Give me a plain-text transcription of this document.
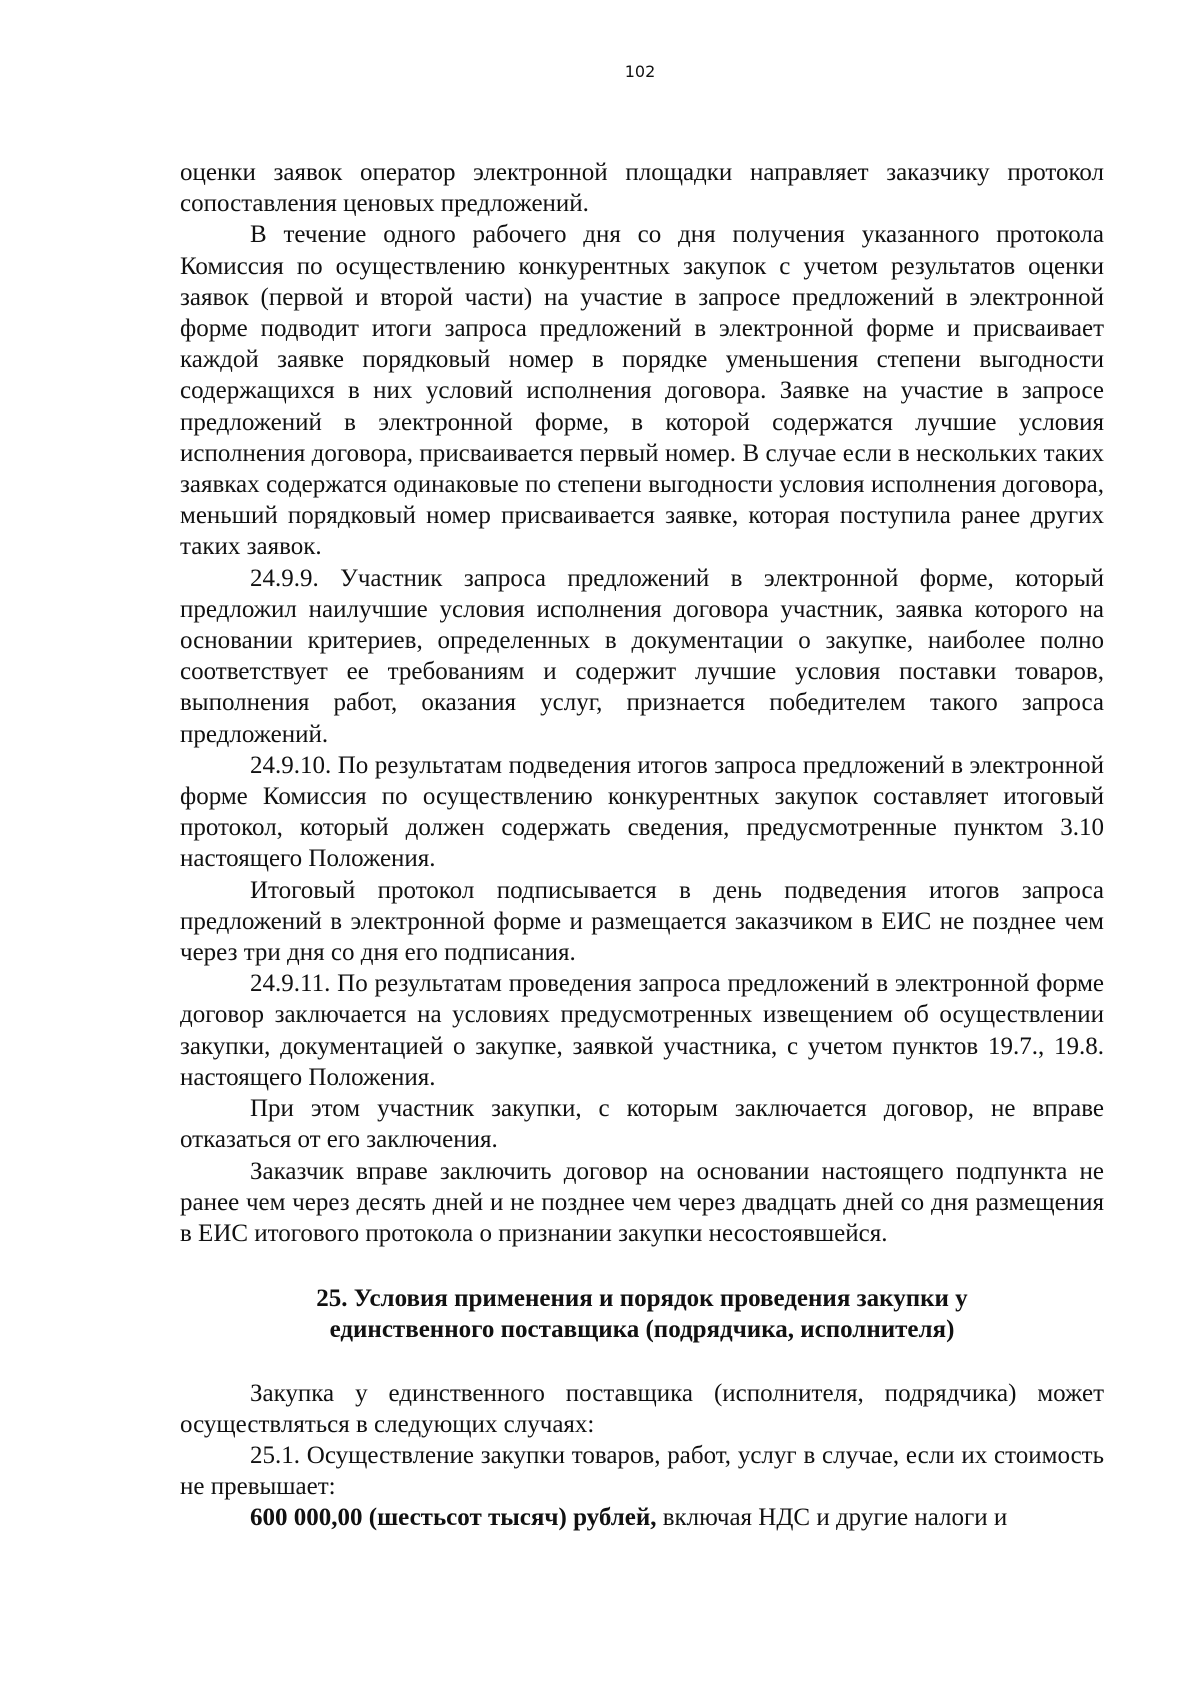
102

оценки заявок оператор электронной площадки направляет заказчику протокол сопоставления ценовых предложений.

В течение одного рабочего дня со дня получения указанного протокола Комиссия по осуществлению конкурентных закупок с учетом результатов оценки заявок (первой и второй части) на участие в запросе предложений в электронной форме подводит итоги запроса предложений в электронной форме и присваивает каждой заявке порядковый номер в порядке уменьшения степени выгодности содержащихся в них условий исполнения договора. Заявке на участие в запросе предложений в электронной форме, в которой содержатся лучшие условия исполнения договора, присваивается первый номер. В случае если в нескольких таких заявках содержатся одинаковые по степени выгодности условия исполнения договора, меньший порядковый номер присваивается заявке, которая поступила ранее других таких заявок.

24.9.9. Участник запроса предложений в электронной форме, который предложил наилучшие условия исполнения договора участник, заявка которого на основании критериев, определенных в документации о закупке, наиболее полно соответствует ее требованиям и содержит лучшие условия поставки товаров, выполнения работ, оказания услуг, признается победителем такого запроса предложений.

24.9.10. По результатам подведения итогов запроса предложений в электронной форме Комиссия по осуществлению конкурентных закупок составляет итоговый протокол, который должен содержать сведения, предусмотренные пунктом 3.10 настоящего Положения.

Итоговый протокол подписывается в день подведения итогов запроса предложений в электронной форме и размещается заказчиком в ЕИС не позднее чем через три дня со дня его подписания.

24.9.11. По результатам проведения запроса предложений в электронной форме договор заключается на условиях предусмотренных извещением об осуществлении закупки, документацией о закупке, заявкой участника, с учетом пунктов 19.7., 19.8. настоящего Положения.

При этом участник закупки, с которым заключается договор, не вправе отказаться от его заключения.

Заказчик вправе заключить договор на основании настоящего подпункта не ранее чем через десять дней и не позднее чем через двадцать дней со дня размещения в ЕИС итогового протокола о признании закупки несостоявшейся.

25. Условия применения и порядок проведения закупки у
единственного поставщика (подрядчика, исполнителя)

Закупка у единственного поставщика (исполнителя, подрядчика) может осуществляться в следующих случаях:

25.1. Осуществление закупки товаров, работ, услуг в случае, если их стоимость не превышает:

600 000,00 (шестьсот тысяч) рублей, включая НДС и другие налоги и
